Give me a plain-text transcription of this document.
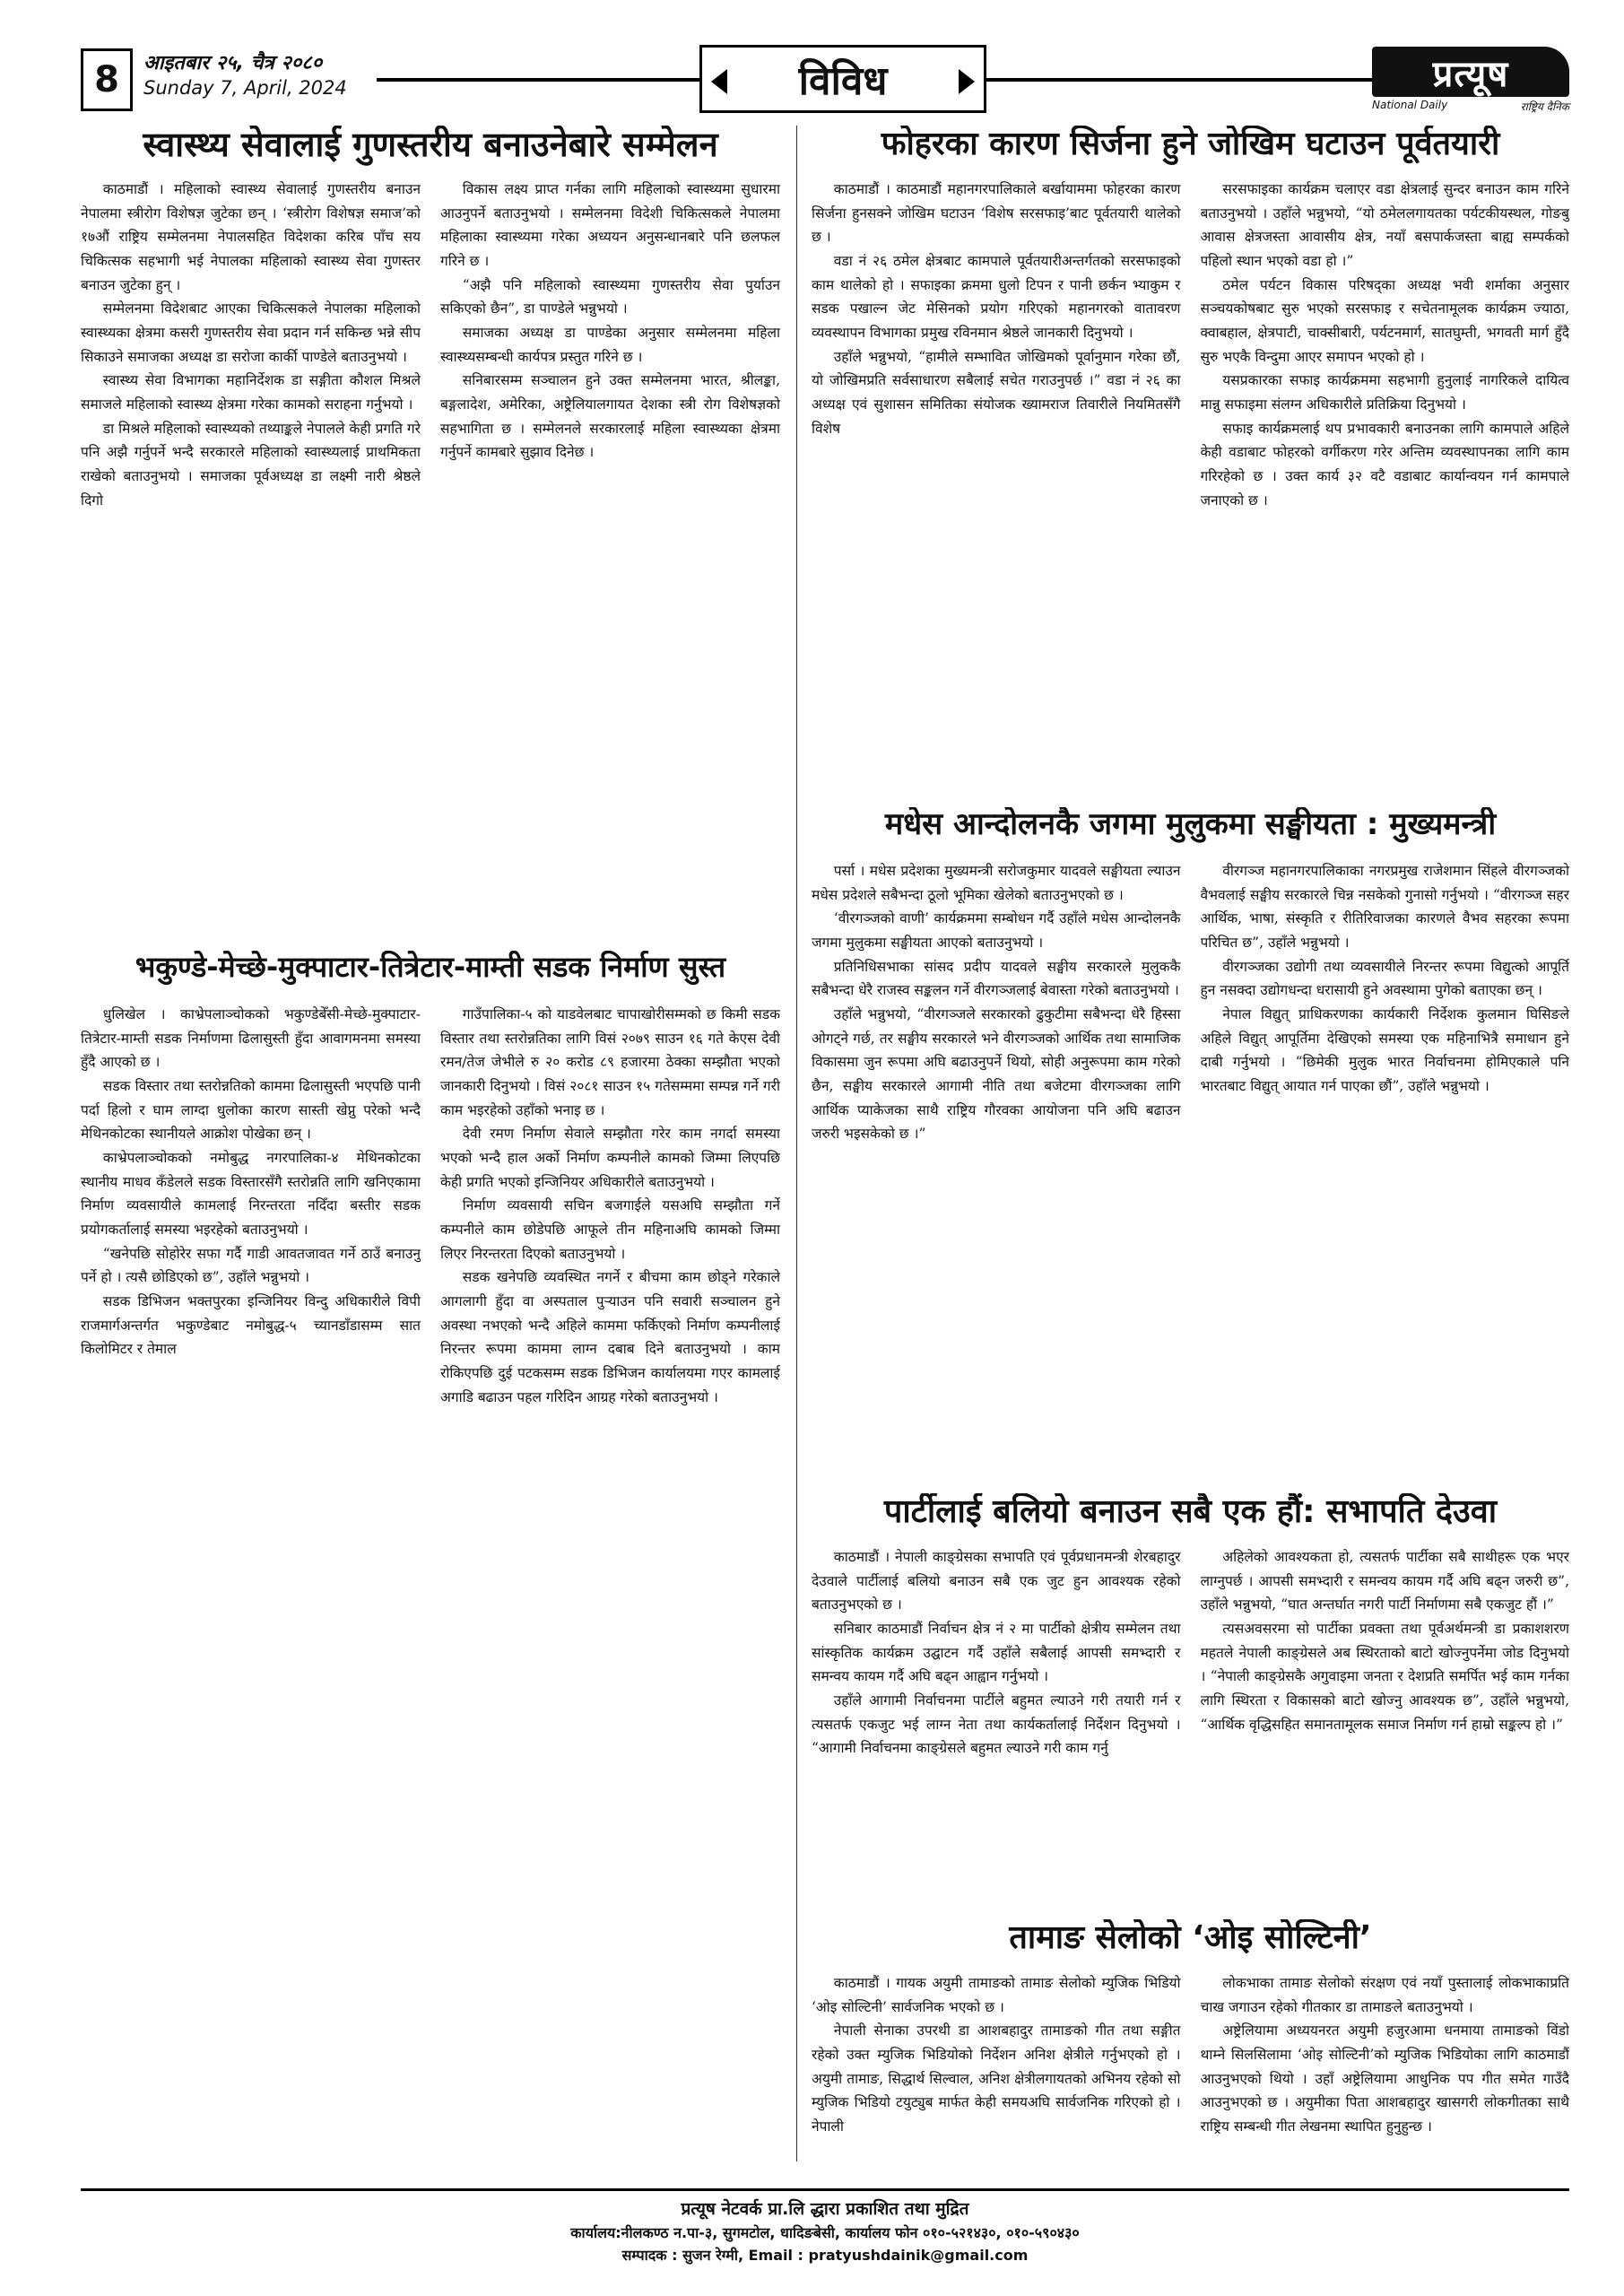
8	आइतबार २५, चैत्र २०८०
Sunday 7, April, 2024	विविध	प्रत्यूष
National Daily	राष्ट्रिय दैनिक
स्वास्थ्य सेवालाई गुणस्तरीय बनाउनेबारे सम्मेलन

काठमाडौं । महिलाको स्वास्थ्य सेवालाई गुणस्तरीय बनाउन नेपालमा स्त्रीरोग विशेषज्ञ जुटेका छन् । ‘स्त्रीरोग विशेषज्ञ समाज’को १७औं राष्ट्रिय सम्मेलनमा नेपालसहित विदेशका करिब पाँच सय चिकित्सक सहभागी भई नेपालका महिलाको स्वास्थ्य सेवा गुणस्तर बनाउन जुटेका हुन् ।

सम्मेलनमा विदेशबाट आएका चिकित्सकले नेपालका महिलाको स्वास्थ्यका क्षेत्रमा कसरी गुणस्तरीय सेवा प्रदान गर्न सकिन्छ भन्ने सीप सिकाउने समाजका अध्यक्ष डा सरोजा कार्की पाण्डेले बताउनुभयो ।

स्वास्थ्य सेवा विभागका महानिर्देशक डा सङ्गीता कौशल मिश्रले समाजले महिलाको स्वास्थ्य क्षेत्रमा गरेका कामको सराहना गर्नुभयो ।

डा मिश्रले महिलाको स्वास्थ्यको तथ्याङ्कले नेपालले केही प्रगति गरे पनि अझै गर्नुपर्ने भन्दै सरकारले महिलाको स्वास्थ्यलाई प्राथमिकता राखेको बताउनुभयो । समाजका पूर्वअध्यक्ष डा लक्ष्मी नारी श्रेष्ठले दिगो

विकास लक्ष्य प्राप्त गर्नका लागि महिलाको स्वास्थ्यमा सुधारमा आउनुपर्ने बताउनुभयो । सम्मेलनमा विदेशी चिकित्सकले नेपालमा महिलाका स्वास्थ्यमा गरेका अध्ययन अनुसन्धानबारे पनि छलफल गरिने छ ।

“अझै पनि महिलाको स्वास्थ्यमा गुणस्तरीय सेवा पुर्याउन सकिएको छैन”, डा पाण्डेले भन्नुभयो ।

समाजका अध्यक्ष डा पाण्डेका अनुसार सम्मेलनमा महिला स्वास्थ्यसम्बन्धी कार्यपत्र प्रस्तुत गरिने छ ।

सनिबारसम्म सञ्चालन हुने उक्त सम्मेलनमा भारत, श्रीलङ्का, बङ्गलादेश, अमेरिका, अष्ट्रेलियालगायत देशका स्त्री रोग विशेषज्ञको सहभागिता छ । सम्मेलनले सरकारलाई महिला स्वास्थ्यका क्षेत्रमा गर्नुपर्ने कामबारे सुझाव दिनेछ ।

फोहरका कारण सिर्जना हुने जोखिम घटाउन पूर्वतयारी

काठमाडौं । काठमाडौं महानगरपालिकाले बर्खायाममा फोहरका कारण सिर्जना हुनसक्ने जोखिम घटाउन ‘विशेष सरसफाइ’बाट पूर्वतयारी थालेको छ ।

वडा नं २६ ठमेल क्षेत्रबाट कामपाले पूर्वतयारीअन्तर्गतको सरसफाइको काम थालेको हो । सफाइका क्रममा धुलो टिपन र पानी छर्कन भ्याकुम र सडक पखाल्न जेट मेसिनको प्रयोग गरिएको महानगरको वातावरण व्यवस्थापन विभागका प्रमुख रविनमान श्रेष्ठले जानकारी दिनुभयो ।

उहाँले भन्नुभयो, “हामीले सम्भावित जोखिमको पूर्वानुमान गरेका छौं, यो जोखिमप्रति सर्वसाधारण सबैलाई सचेत गराउनुपर्छ ।” वडा नं २६ का अध्यक्ष एवं सुशासन समितिका संयोजक ख्यामराज तिवारीले नियमितसँगै विशेष

सरसफाइका कार्यक्रम चलाएर वडा क्षेत्रलाई सुन्दर बनाउन काम गरिने बताउनुभयो । उहाँले भन्नुभयो, “यो ठमेललगायतका पर्यटकीयस्थल, गोङबु आवास क्षेत्रजस्ता आवासीय क्षेत्र, नयाँ बसपार्कजस्ता बाह्य सम्पर्कको पहिलो स्थान भएको वडा हो ।”

ठमेल पर्यटन विकास परिषद्का अध्यक्ष भवी शर्माका अनुसार सञ्चयकोषबाट सुरु भएको सरसफाइ र सचेतनामूलक कार्यक्रम ज्याठा, क्वाबहाल, क्षेत्रपाटी, चाक्सीबारी, पर्यटनमार्ग, सातघुम्ती, भगवती मार्ग हुँदै सुरु भएकै विन्दुमा आएर समापन भएको हो ।

यसप्रकारका सफाइ कार्यक्रममा सहभागी हुनुलाई नागरिकले दायित्व मान्नु सफाइमा संलग्न अधिकारीले प्रतिक्रिया दिनुभयो ।

सफाइ कार्यक्रमलाई थप प्रभावकारी बनाउनका लागि कामपाले अहिले केही वडाबाट फोहरको वर्गीकरण गरेर अन्तिम व्यवस्थापनका लागि काम गरिरहेको छ । उक्त कार्य ३२ वटै वडाबाट कार्यान्वयन गर्न कामपाले जनाएको छ ।

मधेस आन्दोलनकै जगमा मुलुकमा सङ्घीयता : मुख्यमन्त्री

पर्सा । मधेस प्रदेशका मुख्यमन्त्री सरोजकुमार यादवले सङ्घीयता ल्याउन मधेस प्रदेशले सबैभन्दा ठूलो भूमिका खेलेको बताउनुभएको छ ।

‘वीरगञ्जको वाणी’ कार्यक्रममा सम्बोधन गर्दै उहाँले मधेस आन्दोलनकै जगमा मुलुकमा सङ्घीयता आएको बताउनुभयो ।

प्रतिनिधिसभाका सांसद प्रदीप यादवले सङ्घीय सरकारले मुलुककै सबैभन्दा धेरै राजस्व सङ्कलन गर्ने वीरगञ्जलाई बेवास्ता गरेको बताउनुभयो ।

उहाँले भन्नुभयो, “वीरगञ्जले सरकारको ढुकुटीमा सबैभन्दा धेरै हिस्सा ओगट्ने गर्छ, तर सङ्घीय सरकारले भने वीरगञ्जको आर्थिक तथा सामाजिक विकासमा जुन रूपमा अघि बढाउनुपर्ने थियो, सोही अनुरूपमा काम गरेको छैन, सङ्घीय सरकारले आगामी नीति तथा बजेटमा वीरगञ्जका लागि आर्थिक प्याकेजका साथै राष्ट्रिय गौरवका आयोजना पनि अघि बढाउन जरुरी भइसकेको छ ।”

वीरगञ्ज महानगरपालिकाका नगरप्रमुख राजेशमान सिंहले वीरगञ्जको वैभवलाई सङ्घीय सरकारले चिन्न नसकेको गुनासो गर्नुभयो । “वीरगञ्ज सहर आर्थिक, भाषा, संस्कृति र रीतिरिवाजका कारणले वैभव सहरका रूपमा परिचित छ”, उहाँले भन्नुभयो ।

वीरगञ्जका उद्योगी तथा व्यवसायीले निरन्तर रूपमा विद्युत्को आपूर्ति हुन नसक्दा उद्योगधन्दा धरासायी हुने अवस्थामा पुगेको बताएका छन् ।

नेपाल विद्युत् प्राधिकरणका कार्यकारी निर्देशक कुलमान घिसिङले अहिले विद्युत् आपूर्तिमा देखिएको समस्या एक महिनाभित्रै समाधान हुने दाबी गर्नुभयो । “छिमेकी मुलुक भारत निर्वाचनमा होमिएकाले पनि भारतबाट विद्युत् आयात गर्न पाएका छौं”, उहाँले भन्नुभयो ।

भकुण्डे-मेच्छे-मुक्पाटार-तित्रेटार-माम्ती सडक निर्माण सुस्त

धुलिखेल । काभ्रेपलाञ्चोकको भकुण्डेबेँसी-मेच्छे-मुक्पाटार-तित्रेटार-माम्ती सडक निर्माणमा ढिलासुस्ती हुँदा आवागमनमा समस्या हुँदै आएको छ ।

सडक विस्तार तथा स्तरोन्नतिको काममा ढिलासुस्ती भएपछि पानी पर्दा हिलो र घाम लाग्दा धुलोका कारण सास्ती खेप्नु परेको भन्दै मेथिनकोटका स्थानीयले आक्रोश पोखेका छन् ।

काभ्रेपलाञ्चोकको नमोबुद्ध नगरपालिका-४ मेथिनकोटका स्थानीय माधव कँडेलले सडक विस्तारसँगै स्तरोन्नति लागि खनिएकामा निर्माण व्यवसायीले कामलाई निरन्तरता नदिँदा बस्तीर सडक प्रयोगकर्तालाई समस्या भइरहेको बताउनुभयो ।

“खनेपछि सोहोरेर सफा गर्दै गाडी आवतजावत गर्ने ठाउँ बनाउनु पर्ने हो । त्यसै छोडिएको छ”, उहाँले भन्नुभयो ।

सडक डिभिजन भक्तपुरका इन्जिनियर विन्दु अधिकारीले विपी राजमार्गअन्तर्गत भकुण्डेबाट नमोबुद्ध-५ च्यानडाँडासम्म सात किलोमिटर र तेमाल

गाउँपालिका-५ को याडवेलबाट चापाखोरीसम्मको छ किमी सडक विस्तार तथा स्तरोन्नतिका लागि विसं २०७९ साउन १६ गते केएस देवी रमन/तेज जेभीले रु २० करोड ८९ हजारमा ठेक्का सम्झौता भएको जानकारी दिनुभयो । विसं २०८१ साउन १५ गतेसम्ममा सम्पन्न गर्ने गरी काम भइरहेको उहाँको भनाइ छ ।

देवी रमण निर्माण सेवाले सम्झौता गरेर काम नगर्दा समस्या भएको भन्दै हाल अर्को निर्माण कम्पनीले कामको जिम्मा लिएपछि केही प्रगति भएको इन्जिनियर अधिकारीले बताउनुभयो ।

निर्माण व्यवसायी सचिन बजगाईले यसअघि सम्झौता गर्ने कम्पनीले काम छोडेपछि आफूले तीन महिनाअघि कामको जिम्मा लिएर निरन्तरता दिएको बताउनुभयो ।

सडक खनेपछि व्यवस्थित नगर्ने र बीचमा काम छोड्ने गरेकाले आगलागी हुँदा वा अस्पताल पुऱ्याउन पनि सवारी सञ्चालन हुने अवस्था नभएको भन्दै अहिले काममा फर्किएको निर्माण कम्पनीलाई निरन्तर रूपमा काममा लाग्न दबाब दिने बताउनुभयो । काम रोकिएपछि दुई पटकसम्म सडक डिभिजन कार्यालयमा गएर कामलाई अगाडि बढाउन पहल गरिदिन आग्रह गरेको बताउनुभयो ।

पार्टीलाई बलियो बनाउन सबै एक हौं: सभापति देउवा

काठमाडौं । नेपाली काङ्ग्रेसका सभापति एवं पूर्वप्रधानमन्त्री शेरबहादुर देउवाले पार्टीलाई बलियो बनाउन सबै एक जुट हुन आवश्यक रहेको बताउनुभएको छ ।

सनिबार काठमाडौं निर्वाचन क्षेत्र नं २ मा पार्टीको क्षेत्रीय सम्मेलन तथा सांस्कृतिक कार्यक्रम उद्घाटन गर्दै उहाँले सबैलाई आपसी समभ्दारी र समन्वय कायम गर्दै अघि बढ्न आह्वान गर्नुभयो ।

उहाँले आगामी निर्वाचनमा पार्टीले बहुमत ल्याउने गरी तयारी गर्न र त्यसतर्फ एकजुट भई लाग्न नेता तथा कार्यकर्तालाई निर्देशन दिनुभयो । “आगामी निर्वाचनमा काङ्ग्रेसले बहुमत ल्याउने गरी काम गर्नु

अहिलेको आवश्यकता हो, त्यसतर्फ पार्टीका सबै साथीहरू एक भएर लाग्नुपर्छ । आपसी समभ्दारी र समन्वय कायम गर्दै अघि बढ्न जरुरी छ”, उहाँले भन्नुभयो, “घात अन्तर्घात नगरी पार्टी निर्माणमा सबै एकजुट हौं ।”

त्यसअवसरमा सो पार्टीका प्रवक्ता तथा पूर्वअर्थमन्त्री डा प्रकाशशरण महतले नेपाली काङ्ग्रेसले अब स्थिरताको बाटो खोज्नुपर्नेमा जोड दिनुभयो । “नेपाली काङ्ग्रेसकै अगुवाइमा जनता र देशप्रति समर्पित भई काम गर्नका लागि स्थिरता र विकासको बाटो खोज्नु आवश्यक छ”, उहाँले भन्नुभयो, “आर्थिक वृद्धिसहित समानतामूलक समाज निर्माण गर्न हाम्रो सङ्कल्प हो ।”

तामाङ सेलोको ‘ओइ सोल्टिनी’

काठमाडौं । गायक अयुमी तामाङको तामाङ सेलोको म्युजिक भिडियो ‘ओइ सोल्टिनी’ सार्वजनिक भएको छ ।

नेपाली सेनाका उपरथी डा आशबहादुर तामाङको गीत तथा सङ्गीत रहेको उक्त म्युजिक भिडियोको निर्देशन अनिश क्षेत्रीले गर्नुभएको हो । अयुमी तामाङ, सिद्धार्थ सिल्वाल, अनिश क्षेत्रीलगायतको अभिनय रहेको सो म्युजिक भिडियो टयुट्युब मार्फत केही समयअघि सार्वजनिक गरिएको हो । नेपाली

लोकभाका तामाङ सेलोको संरक्षण एवं नयाँ पुस्तालाई लोकभाकाप्रति चाख जगाउन रहेको गीतकार डा तामाङले बताउनुभयो ।

अष्ट्रेलियामा अध्ययनरत अयुमी हजुरआमा धनमाया तामाङको विंडो थाम्ने सिलसिलामा ‘ओइ सोल्टिनी’को म्युजिक भिडियोका लागि काठमाडौं आउनुभएको थियो । उहाँ अष्ट्रेलियामा आधुनिक पप गीत समेत गाउँदै आउनुभएको छ । अयुमीका पिता आशबहादुर खासगरी लोकगीतका साथै राष्ट्रिय सम्बन्धी गीत लेखनमा स्थापित हुनुहुन्छ ।

प्रत्यूष नेटवर्क प्रा.लि द्धारा प्रकाशित तथा मुद्रित
कार्यालय:नीलकण्ठ न.पा-३, सुगमटोल, धादिङबेसी, कार्यालय फोन ०१०-५२१४३०, ०१०-५९०४३०
सम्पादक : सुजन रेग्मी, Email : pratyushdainik@gmail.com
